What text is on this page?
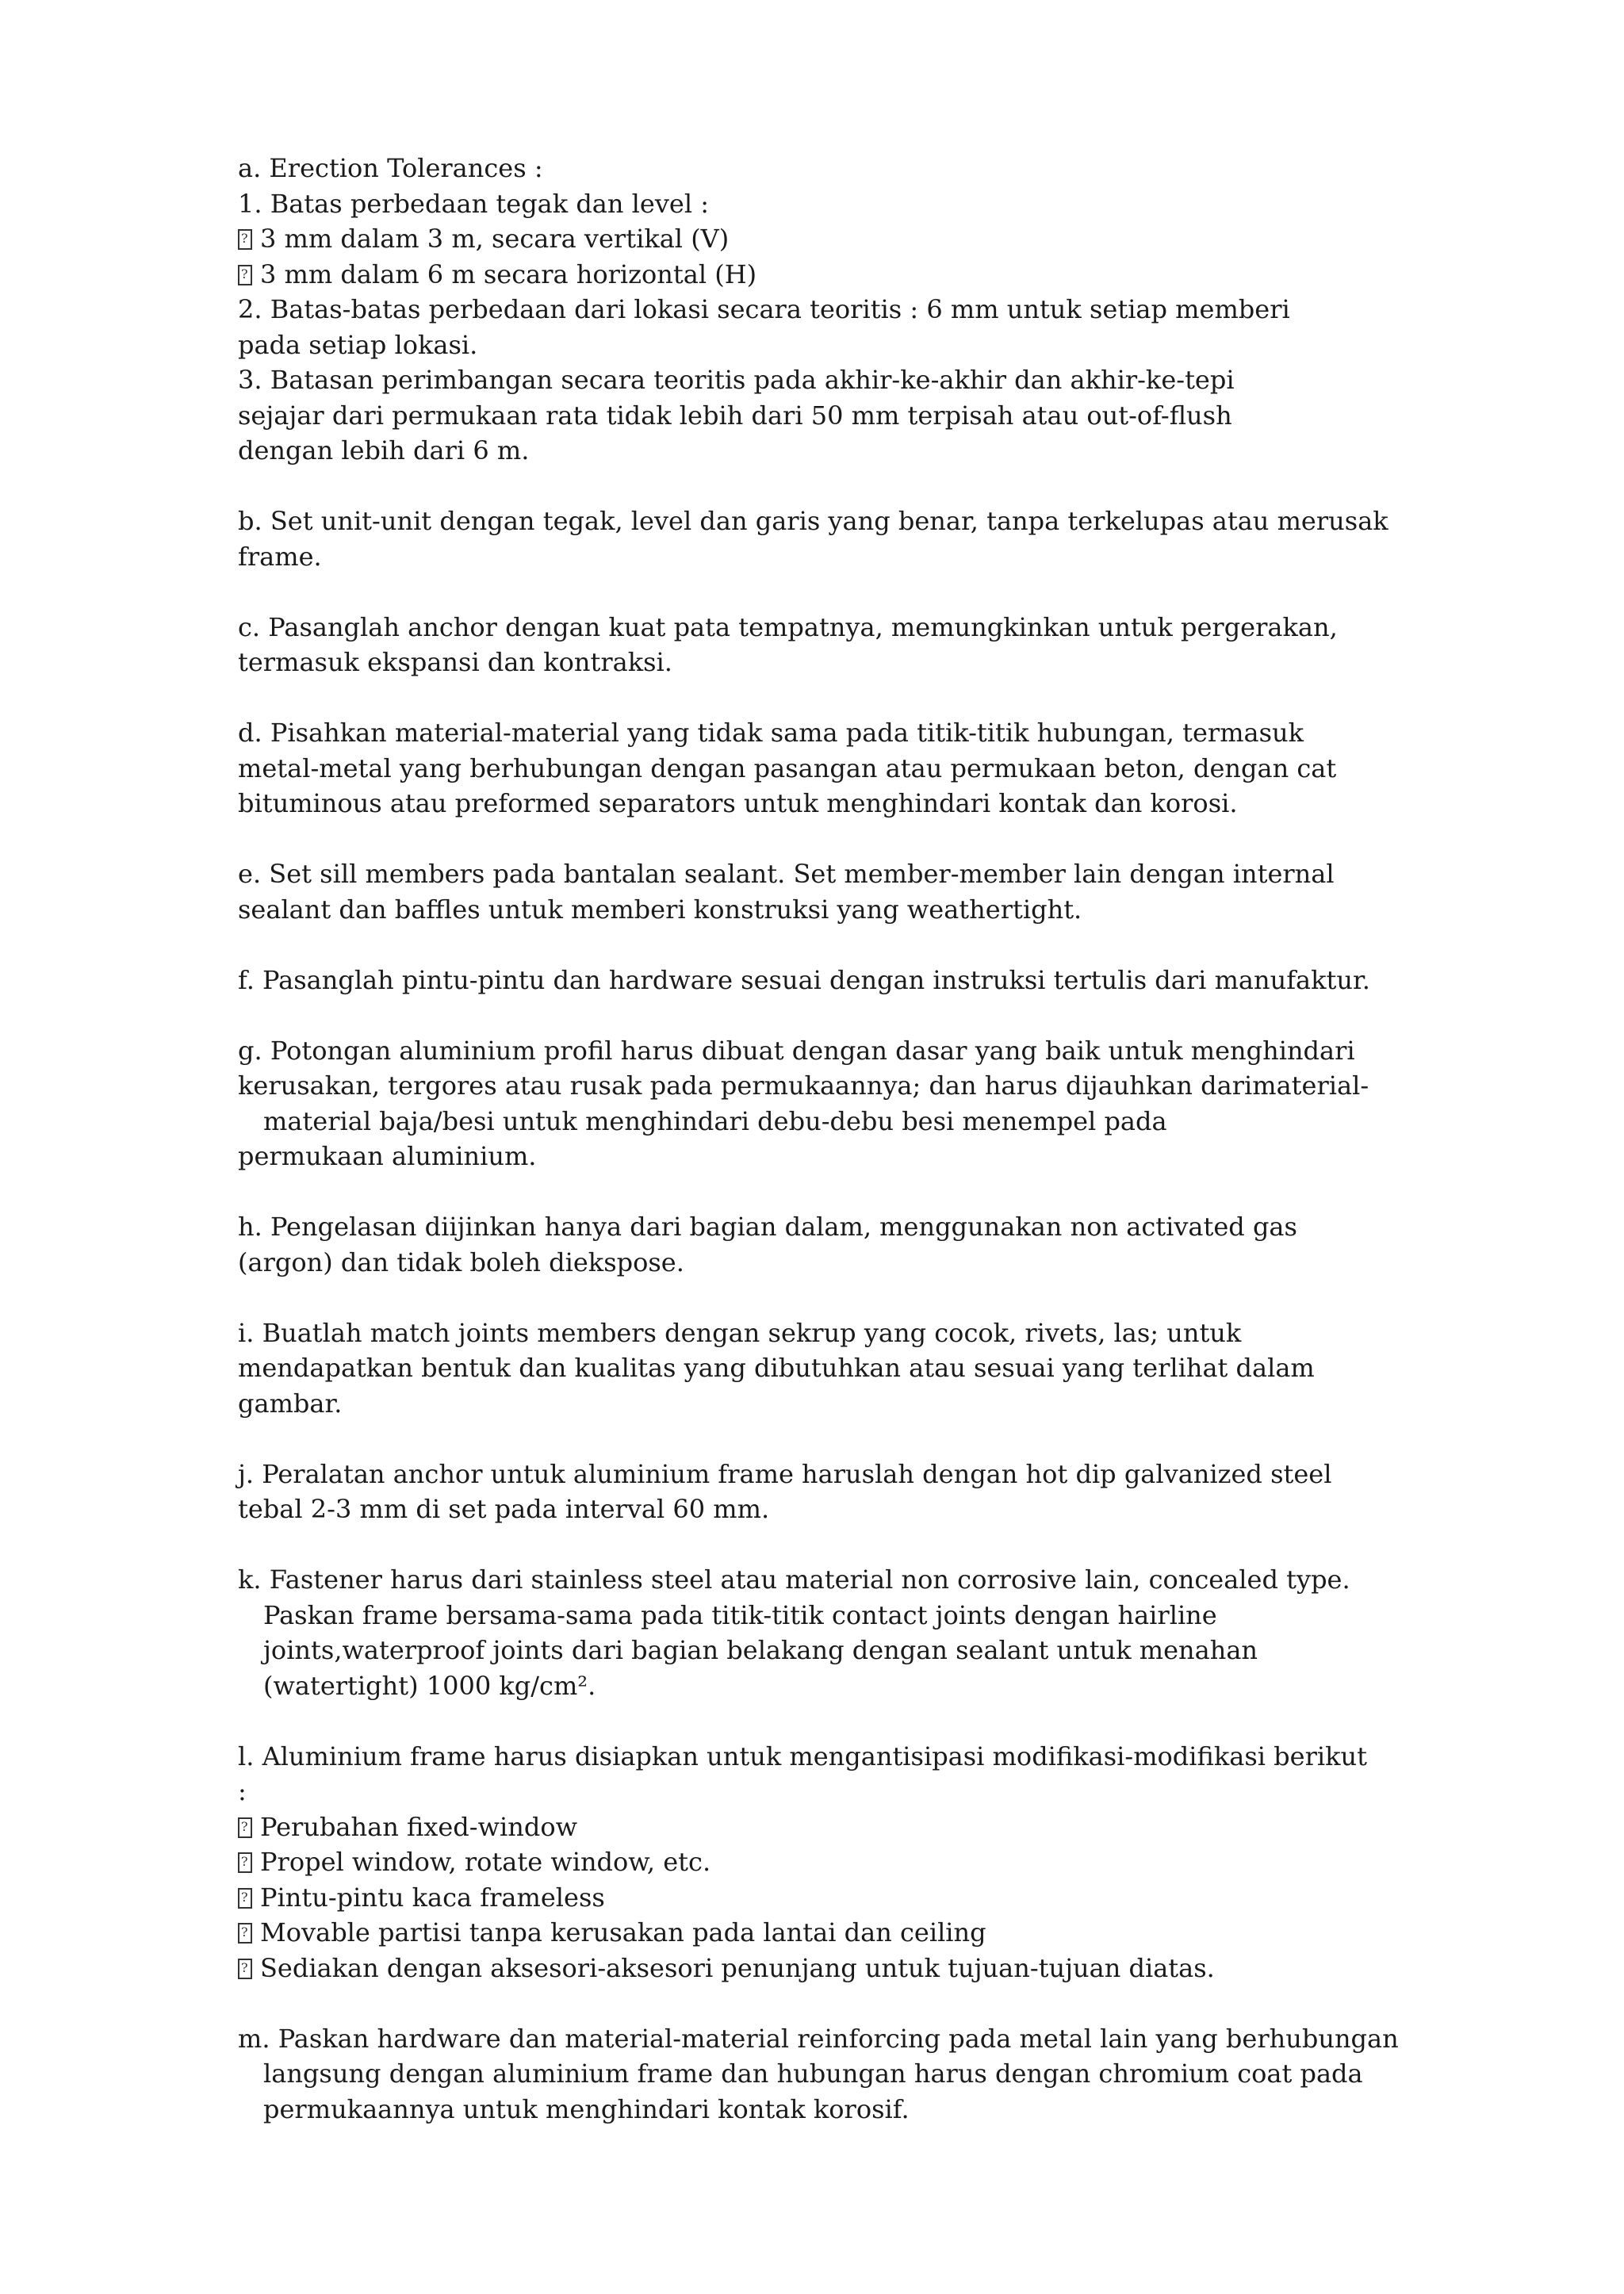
a. Erection Tolerances :
1. Batas perbedaan tegak dan level :
?3 mm dalam 3 m, secara vertikal (V)
?3 mm dalam 6 m secara horizontal (H)
2. Batas-batas perbedaan dari lokasi secara teoritis : 6 mm untuk setiap memberi
pada setiap lokasi.
3. Batasan perimbangan secara teoritis pada akhir-ke-akhir dan akhir-ke-tepi
sejajar dari permukaan rata tidak lebih dari 50 mm terpisah atau out-of-flush
dengan lebih dari 6 m.
b. Set unit-unit dengan tegak, level dan garis yang benar, tanpa terkelupas atau merusak
frame.
c. Pasanglah anchor dengan kuat pata tempatnya, memungkinkan untuk pergerakan,
termasuk ekspansi dan kontraksi.
d. Pisahkan material-material yang tidak sama pada titik-titik hubungan, termasuk
metal-metal yang berhubungan dengan pasangan atau permukaan beton, dengan cat
bituminous atau preformed separators untuk menghindari kontak dan korosi.
e. Set sill members pada bantalan sealant. Set member-member lain dengan internal
sealant dan baffles untuk memberi konstruksi yang weathertight.
f. Pasanglah pintu-pintu dan hardware sesuai dengan instruksi tertulis dari manufaktur.
g. Potongan aluminium profil harus dibuat dengan dasar yang baik untuk menghindari
kerusakan, tergores atau rusak pada permukaannya; dan harus dijauhkan darimaterial-
material baja/besi untuk menghindari debu-debu besi menempel pada
permukaan aluminium.
h. Pengelasan diijinkan hanya dari bagian dalam, menggunakan non activated gas
(argon) dan tidak boleh diekspose.
i. Buatlah match joints members dengan sekrup yang cocok, rivets, las; untuk
mendapatkan bentuk dan kualitas yang dibutuhkan atau sesuai yang terlihat dalam
gambar.
j. Peralatan anchor untuk aluminium frame haruslah dengan hot dip galvanized steel
tebal 2-3 mm di set pada interval 60 mm.
k. Fastener harus dari stainless steel atau material non corrosive lain, concealed type.
Paskan frame bersama-sama pada titik-titik contact joints dengan hairline
joints,waterproof joints dari bagian belakang dengan sealant untuk menahan
(watertight) 1000 kg/cm².
l. Aluminium frame harus disiapkan untuk mengantisipasi modifikasi-modifikasi berikut
:
?Perubahan fixed-window
?Propel window, rotate window, etc.
?Pintu-pintu kaca frameless
?Movable partisi tanpa kerusakan pada lantai dan ceiling
?Sediakan dengan aksesori-aksesori penunjang untuk tujuan-tujuan diatas.
m. Paskan hardware dan material-material reinforcing pada metal lain yang berhubungan
langsung dengan aluminium frame dan hubungan harus dengan chromium coat pada
permukaannya untuk menghindari kontak korosif.
